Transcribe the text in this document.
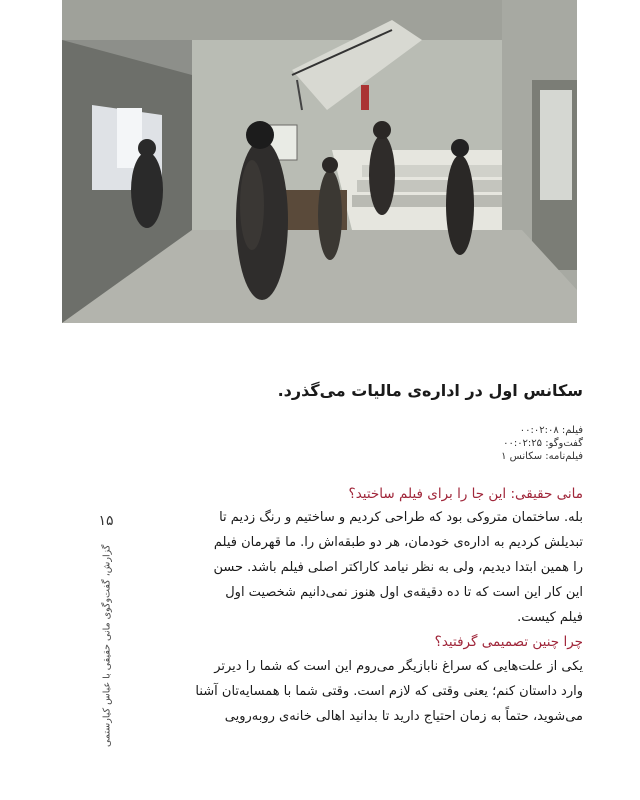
سکانس اول در اداره‌ی مالیات می‌گذرد.
فیلم: ۰۰:۰۲:۰۸
گفت‌وگو: ۰۰:۰۲:۲۵
فیلم‌نامه: سکانس ۱
مانی حقیقی: این جا را برای فیلم ساختید؟
بله. ساختمان متروکی بود که طراحی کردیم و ساختیم و رنگ زدیم تا
تبدیلش کردیم به اداره‌ی خودمان، هر دو طبقه‌اش را. ما قهرمان فیلم
را همین ابتدا دیدیم، ولی به نظر نیامد کاراکتر اصلی فیلم باشد. حسن
این کار این است که تا ده دقیقه‌ی اول هنوز نمی‌دانیم شخصیت اول
فیلم کیست.
چرا چنین تصمیمی گرفتید؟
یکی از علت‌هایی که سراغ نابازیگر می‌روم این است که شما را دیرتر
وارد داستان کنم؛ یعنی وقتی که لازم است. وقتی شما با همسایه‌تان آشنا
می‌شوید، حتماً به زمان احتیاج دارید تا بدانید اهالی خانه‌ی روبه‌رویی
۱۵
گزارش، گفت‌وگوی مانی حقیقی با عباس کیارستمی
